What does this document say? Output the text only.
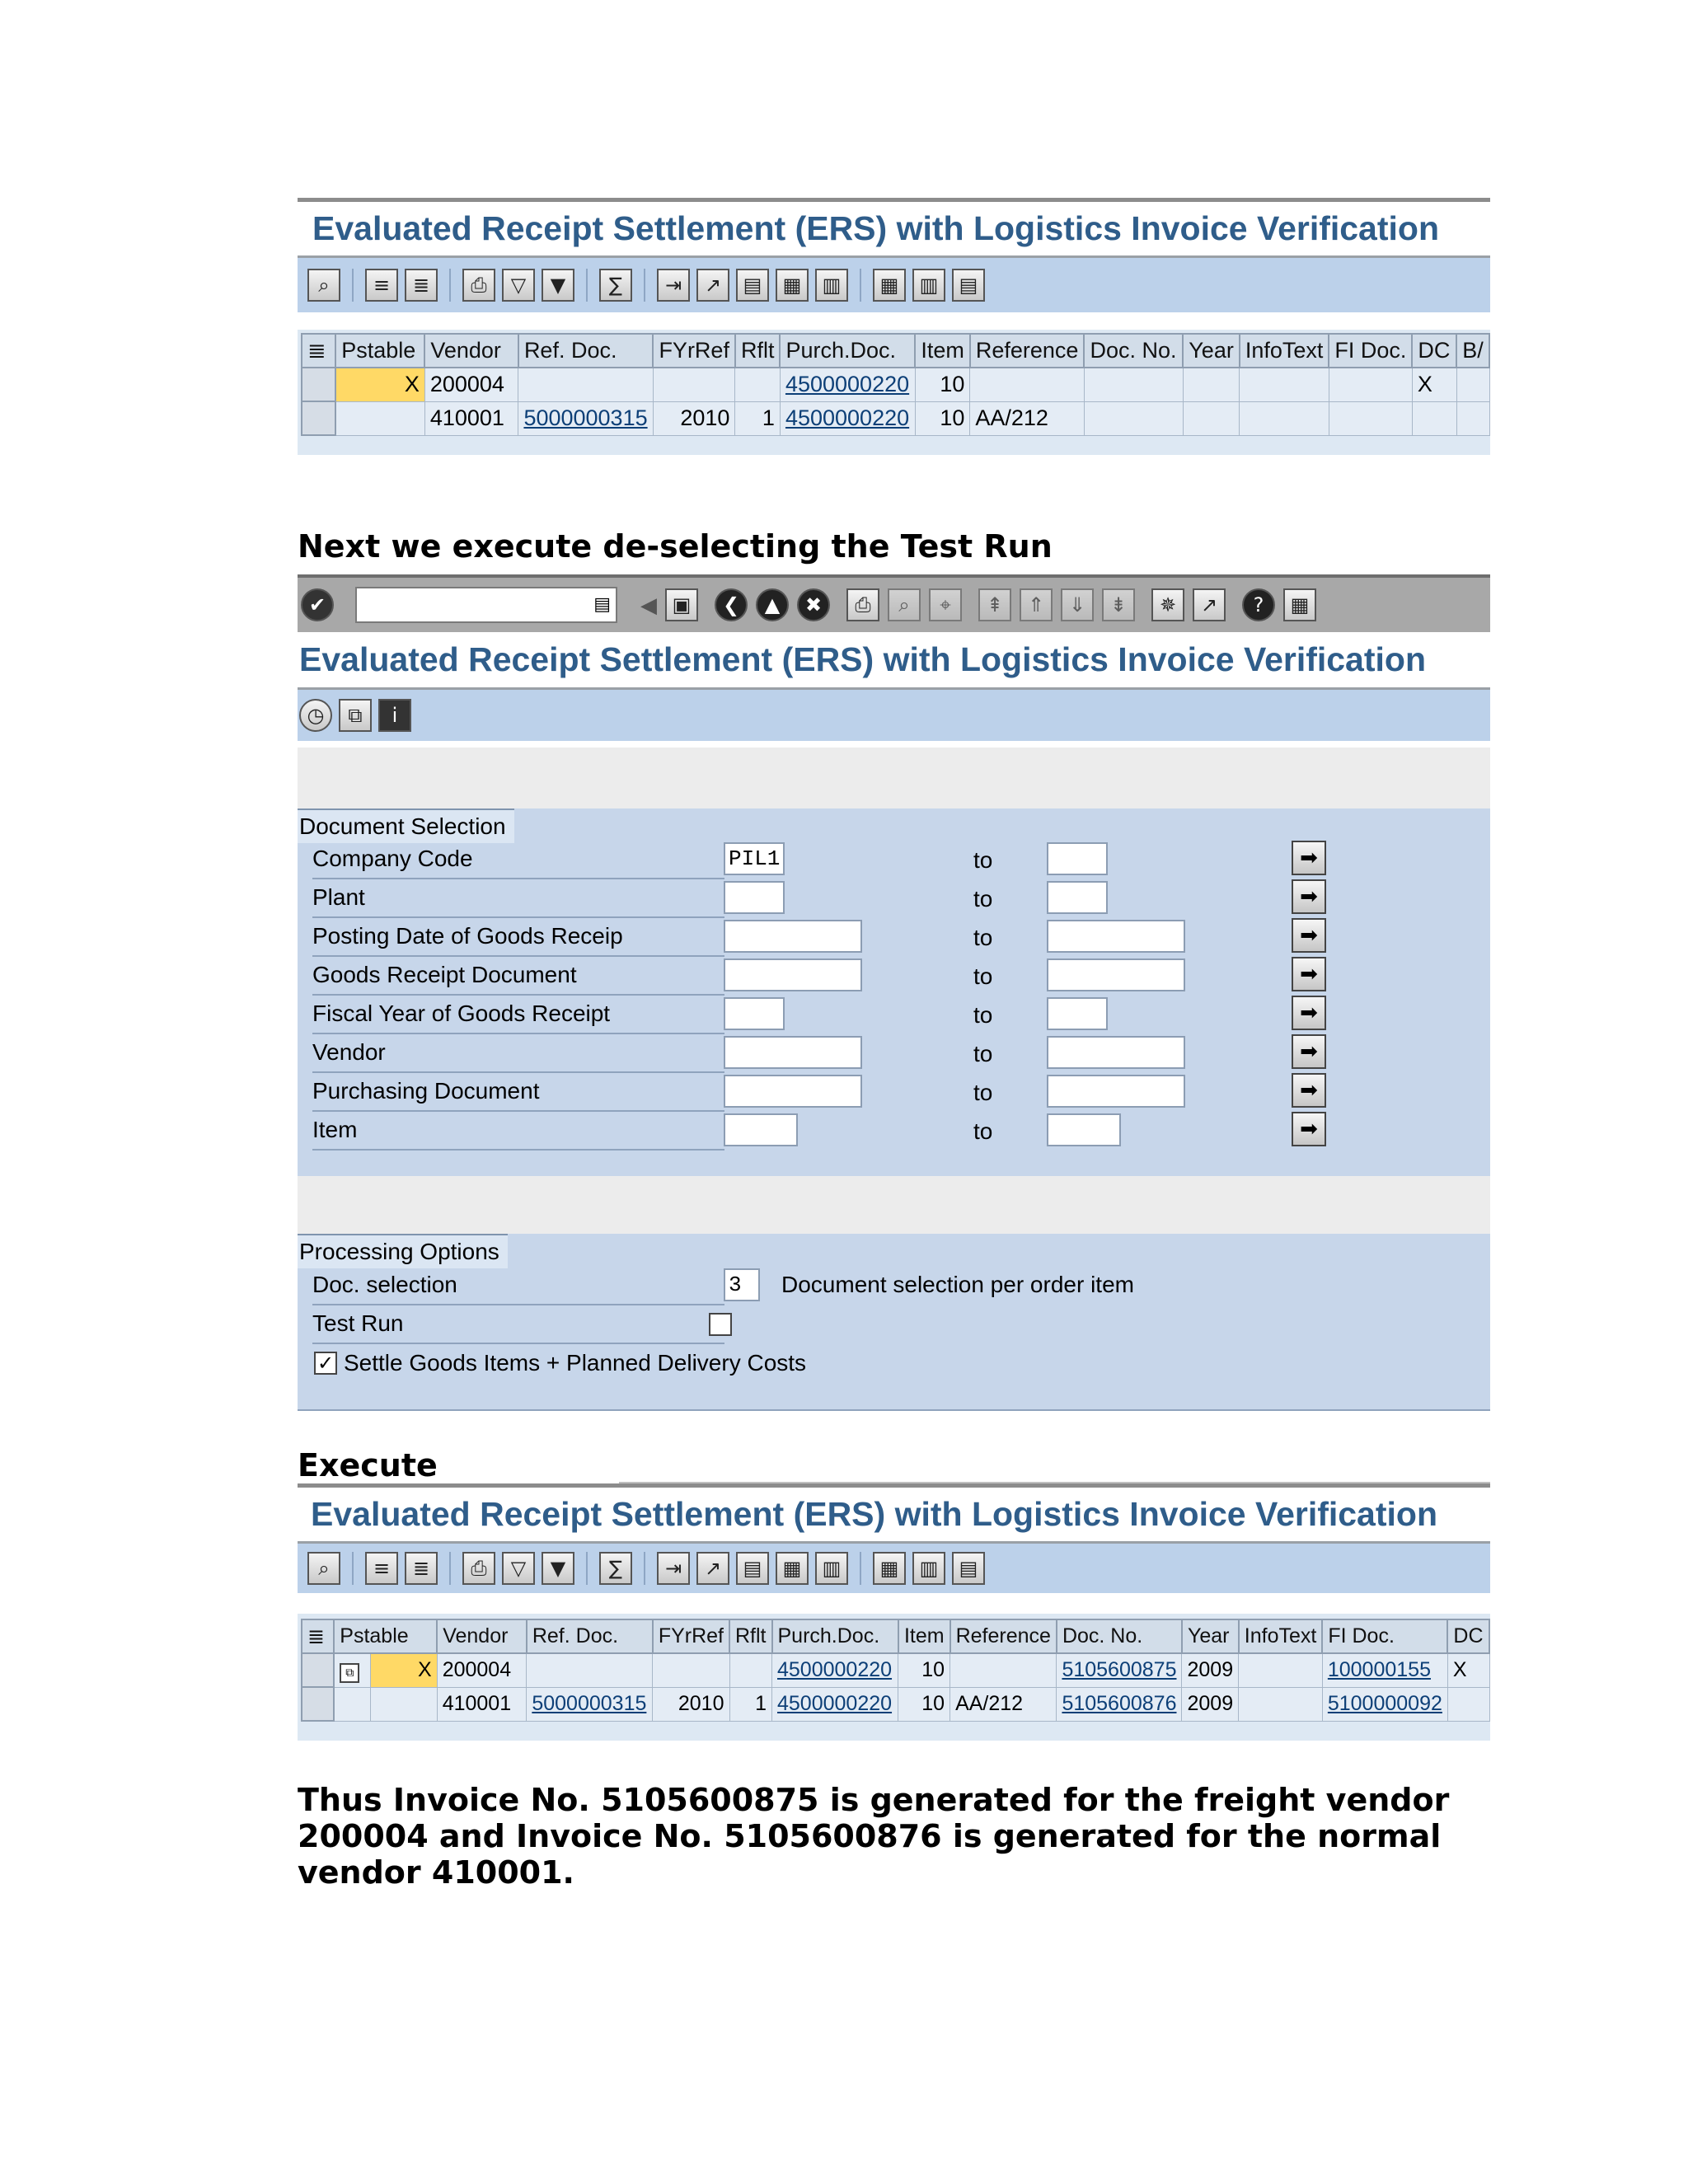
Evaluated Receipt Settlement (ERS) with Logistics Invoice Verification
⌕	≡	≣	⎙	▽	▼	∑	⇥	↗	▤	▦	▥	▦	▥	▤
≣	Pstable	Vendor	Ref. Doc.	FYrRef	Rflt	Purch.Doc.	Item	Reference	Doc. No.	Year	InfoText	FI Doc.	DC	B/
	X	200004				4500000220	10						X	
		410001	5000000315	2010	1	4500000220	10	AA/212						
Next we execute de-selecting the Test Run
✔	▤ ◀ ▣	❮	▲	✖	⎙	⌕	⌖	⇞	⇑	⇓	⇟	✵	↗	?	▦
Evaluated Receipt Settlement (ERS) with Logistics Invoice Verification
◷	⧉	i
Document Selection
Company Code	PIL1	to	➡
Plant	to	➡
Posting Date of Goods Receip	to	➡
Goods Receipt Document	to	➡
Fiscal Year of Goods Receipt	to	➡
Vendor	to	➡
Purchasing Document	to	➡
Item	to	➡
Processing Options
Doc. selection	3	Document selection per order item
Test Run
✓ Settle Goods Items + Planned Delivery Costs
Execute
Evaluated Receipt Settlement (ERS) with Logistics Invoice Verification
⌕	≡	≣	⎙	▽	▼	∑	⇥	↗	▤	▦	▥	▦	▥	▤
≣	Pstable		Vendor	Ref. Doc.	FYrRef	Rflt	Purch.Doc.	Item	Reference	Doc. No.	Year	InfoText	FI Doc.	DC
	⧉	X	200004				4500000220	10		5105600875	2009		100000155	X
			410001	5000000315	2010	1	4500000220	10	AA/212	5105600876	2009		5100000092	
Thus Invoice No. 5105600875 is generated for the freight vendor 200004 and Invoice No. 5105600876 is generated for the normal vendor 410001.
